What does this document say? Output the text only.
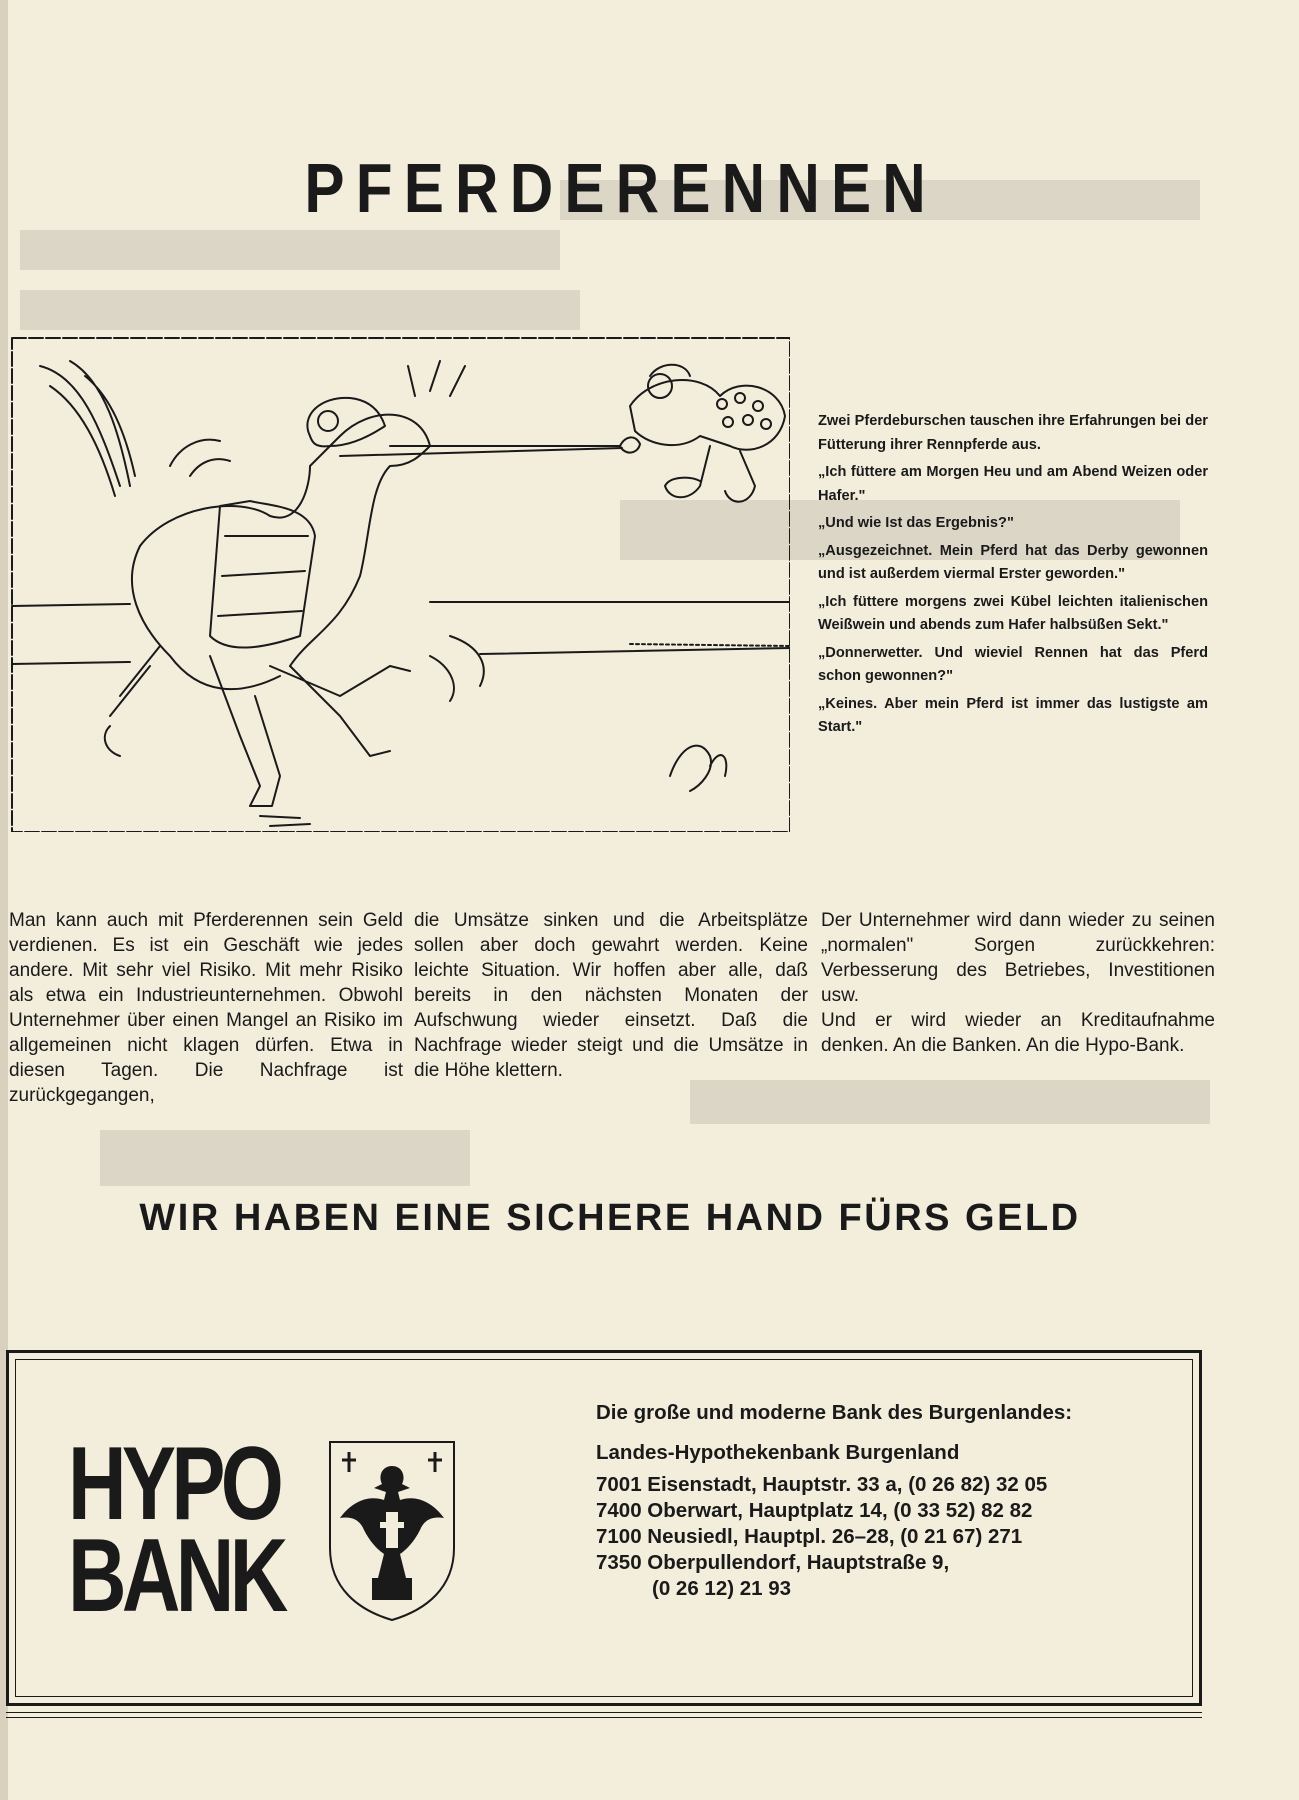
PFERDERENNEN

Zwei Pferdeburschen tauschen ihre Erfahrungen bei der Fütterung ihrer Rennpferde aus.

„Ich füttere am Morgen Heu und am Abend Weizen oder Hafer."

„Und wie Ist das Ergebnis?"

„Ausgezeichnet. Mein Pferd hat das Derby gewonnen und ist außerdem viermal Erster geworden."

„Ich füttere morgens zwei Kübel leichten italienischen Weißwein und abends zum Hafer halbsüßen Sekt."

„Donnerwetter. Und wieviel Rennen hat das Pferd schon gewonnen?"

„Keines. Aber mein Pferd ist immer das lustigste am Start."

Man kann auch mit Pferderennen sein Geld verdienen. Es ist ein Geschäft wie jedes andere. Mit sehr viel Risiko. Mit mehr Risiko als etwa ein Industrieunternehmen. Obwohl Unternehmer über einen Mangel an Risiko im allgemeinen nicht klagen dürfen. Etwa in diesen Tagen. Die Nachfrage ist zurückgegangen,

die Umsätze sinken und die Arbeitsplätze sollen aber doch gewahrt werden. Keine leichte Situation. Wir hoffen aber alle, daß bereits in den nächsten Monaten der Aufschwung wieder einsetzt. Daß die Nachfrage wieder steigt und die Umsätze in die Höhe klettern.

Der Unternehmer wird dann wieder zu seinen „normalen" Sorgen zurückkehren: Verbesserung des Betriebes, Investitionen usw.

Und er wird wieder an Kreditaufnahme denken. An die Banken. An die Hypo-Bank.

WIR HABEN EINE SICHERE HAND FÜRS GELD
HYPO
BANK

Die große und moderne Bank des Burgenlandes:

Landes-Hypothekenbank Burgenland

7001 Eisenstadt, Hauptstr. 33 a, (0 26 82) 32 05

7400 Oberwart, Hauptplatz 14, (0 33 52) 82 82

7100 Neusiedl, Hauptpl. 26–28, (0 21 67) 271

7350 Oberpullendorf, Hauptstraße 9,

(0 26 12) 21 93
